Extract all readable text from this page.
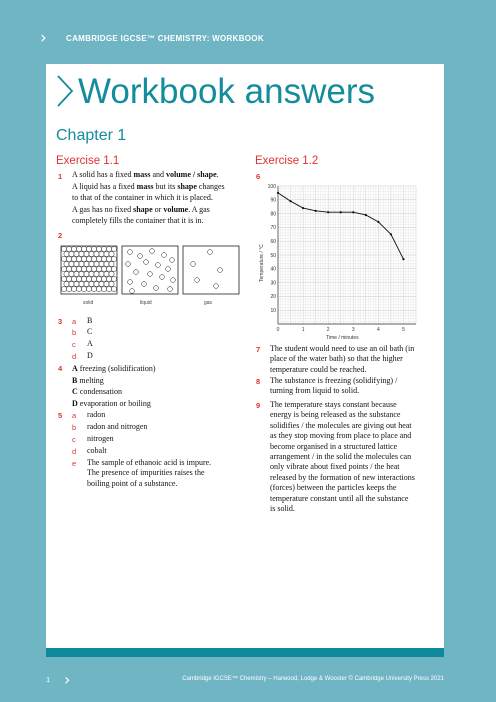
› CAMBRIDGE IGCSE™ CHEMISTRY: WORKBOOK
Workbook answers
Chapter 1
Exercise 1.1
1 A solid has a fixed mass and volume / shape.
A liquid has a fixed mass but its shape changes
to that of the container in which it is placed.
A gas has no fixed shape or volume. A gas
completely fills the container that it is in.
2
solid	liquid	gas
3 a B
b C
c A
d D
4 A freezing (solidification)
B melting
C condensation
D evaporation or boiling
5 a radon
b radon and nitrogen
c nitrogen
d cobalt
e The sample of ethanoic acid is impure.
The presence of impurities raises the
boiling point of a substance.
Exercise 1.2
6
10
20
30
40
50
60
70
80
90
100
0	1	2	3	4	5
Temperature / °C
Time / minutes
7 The student would need to use an oil bath (in
place of the water bath) so that the higher
temperature could be reached.
8 The substance is freezing (solidifying) /
turning from liquid to solid.
9 The temperature stays constant because
energy is being released as the substance
solidifies / the molecules are giving out heat
as they stop moving from place to place and
become organised in a structured lattice
arrangement / in the solid the molecules can
only vibrate about fixed points / the heat
released by the formation of new interactions
(forces) between the particles keeps the
temperature constant until all the substance
is solid.
1 ›	Cambridge IGCSE™ Chemistry – Harwood, Lodge & Wooster © Cambridge University Press 2021
